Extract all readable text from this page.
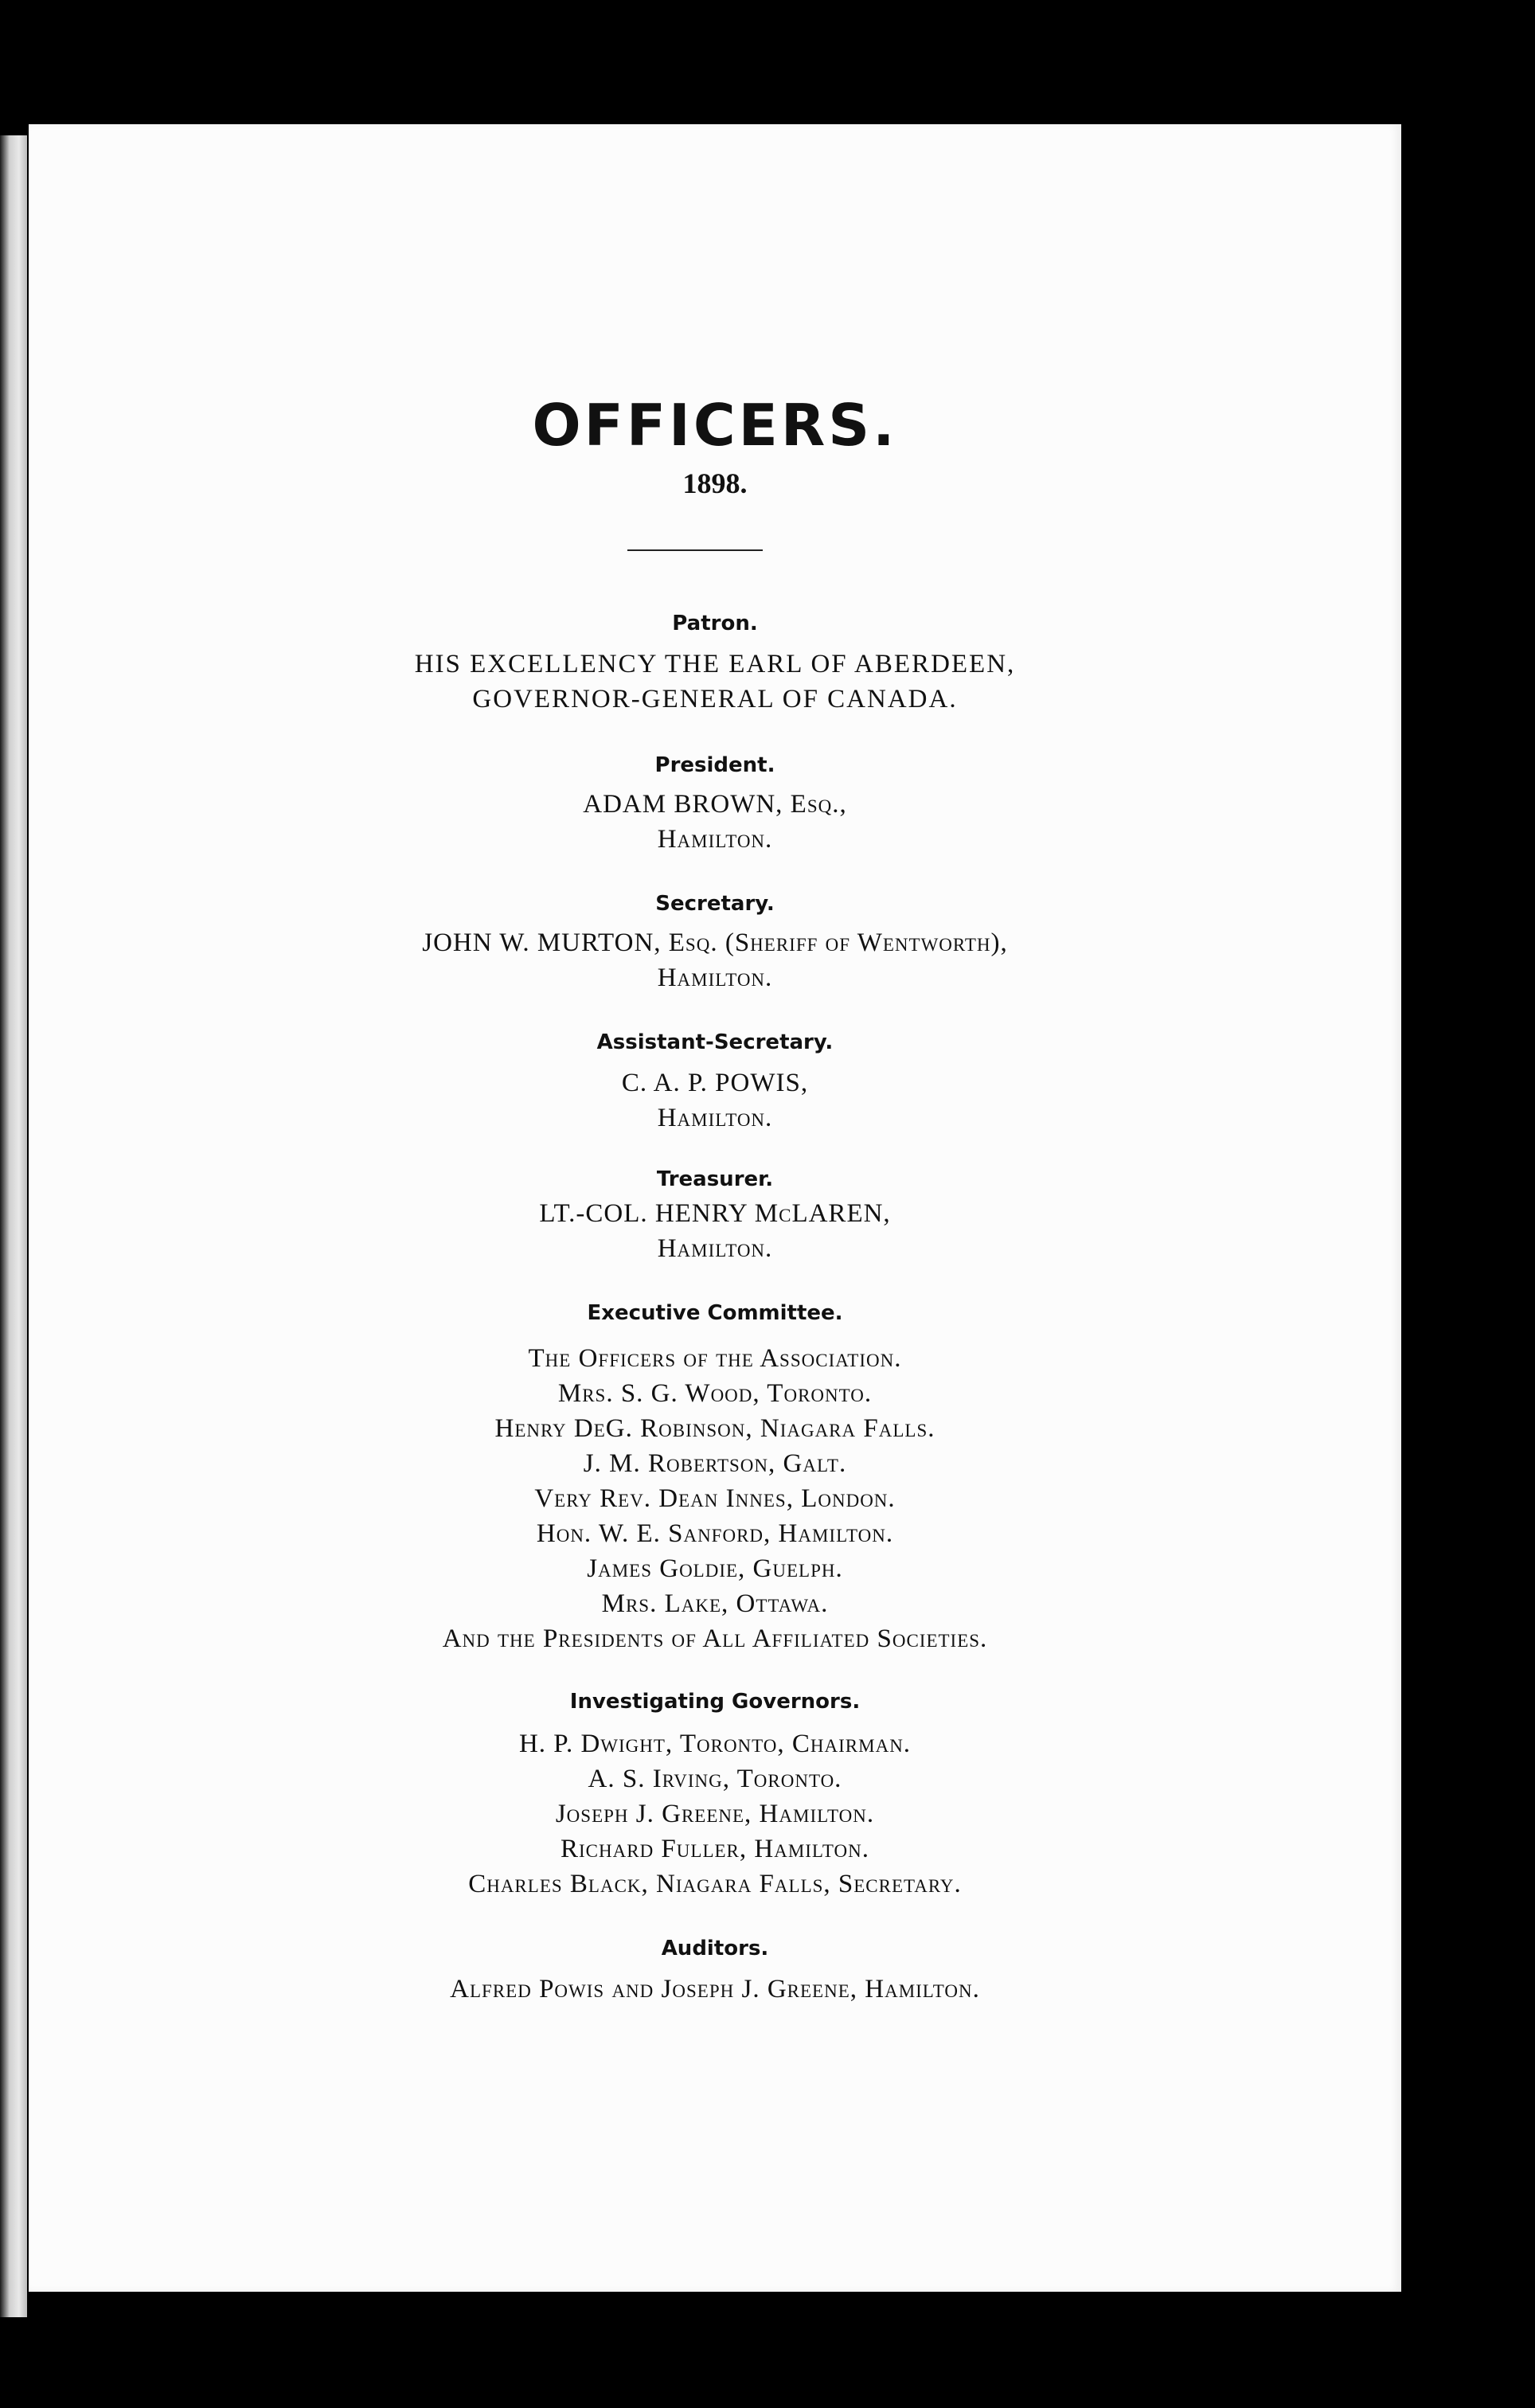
OFFICERS.
1898.
Patron.
HIS EXCELLENCY THE EARL OF ABERDEEN,
GOVERNOR-GENERAL OF CANADA.
President.
ADAM BROWN, Esq.,
Hamilton.
Secretary.
JOHN W. MURTON, Esq. (Sheriff of Wentworth),
Hamilton.
Assistant-Secretary.
C. A. P. POWIS,
Hamilton.
Treasurer.
LT.-COL. HENRY McLAREN,
Hamilton.
Executive Committee.
The Officers of the Association.
Mrs. S. G. Wood, Toronto.
Henry DeG. Robinson, Niagara Falls.
J. M. Robertson, Galt.
Very Rev. Dean Innes, London.
Hon. W. E. Sanford, Hamilton.
James Goldie, Guelph.
Mrs. Lake, Ottawa.
And the Presidents of All Affiliated Societies.
Investigating Governors.
H. P. Dwight, Toronto, Chairman.
A. S. Irving, Toronto.
Joseph J. Greene, Hamilton.
Richard Fuller, Hamilton.
Charles Black, Niagara Falls, Secretary.
Auditors.
Alfred Powis and Joseph J. Greene, Hamilton.
